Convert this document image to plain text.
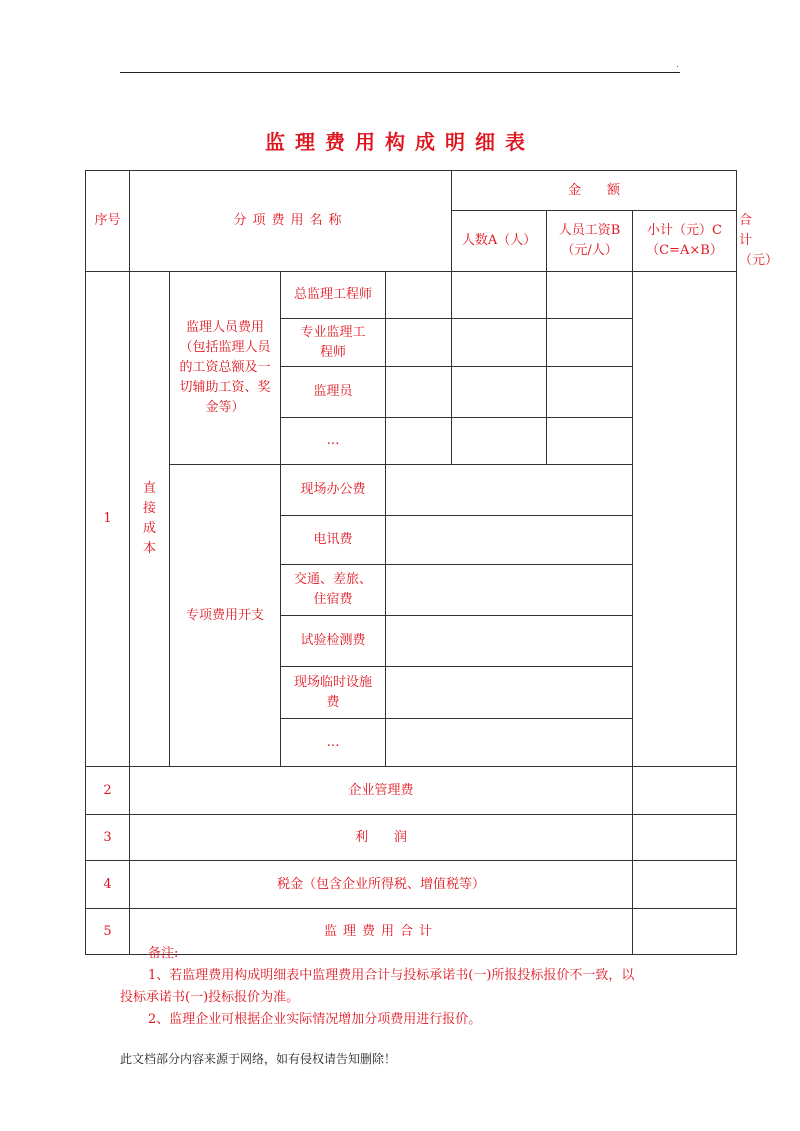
.
监理费用构成明细表
序号	分项费用名称				金　　额			
					人数A（人）	人员工资B（元/人）	小计（元）C（C=A×B）	合计（元）
1	直接成本	监理人员费用（包括监理人员的工资总额及一切辅助工资、奖金等）	总监理工程师					
			专业监理工程师					
			监理员					
			…					
		专项费用开支	现场办公费					
			电讯费					
			交通、差旅、住宿费					
			试验检测费					
			现场临时设施费					
			…					
2	企业管理费							
3	利　　润							
4	税金（包含企业所得税、增值税等）							
5	监理费用合计							
备注:
1、若监理费用构成明细表中监理费用合计与投标承诺书(一)所报投标报价不一致，以
投标承诺书(一)投标报价为准。
2、监理企业可根据企业实际情况增加分项费用进行报价。
此文档部分内容来源于网络，如有侵权请告知删除！
